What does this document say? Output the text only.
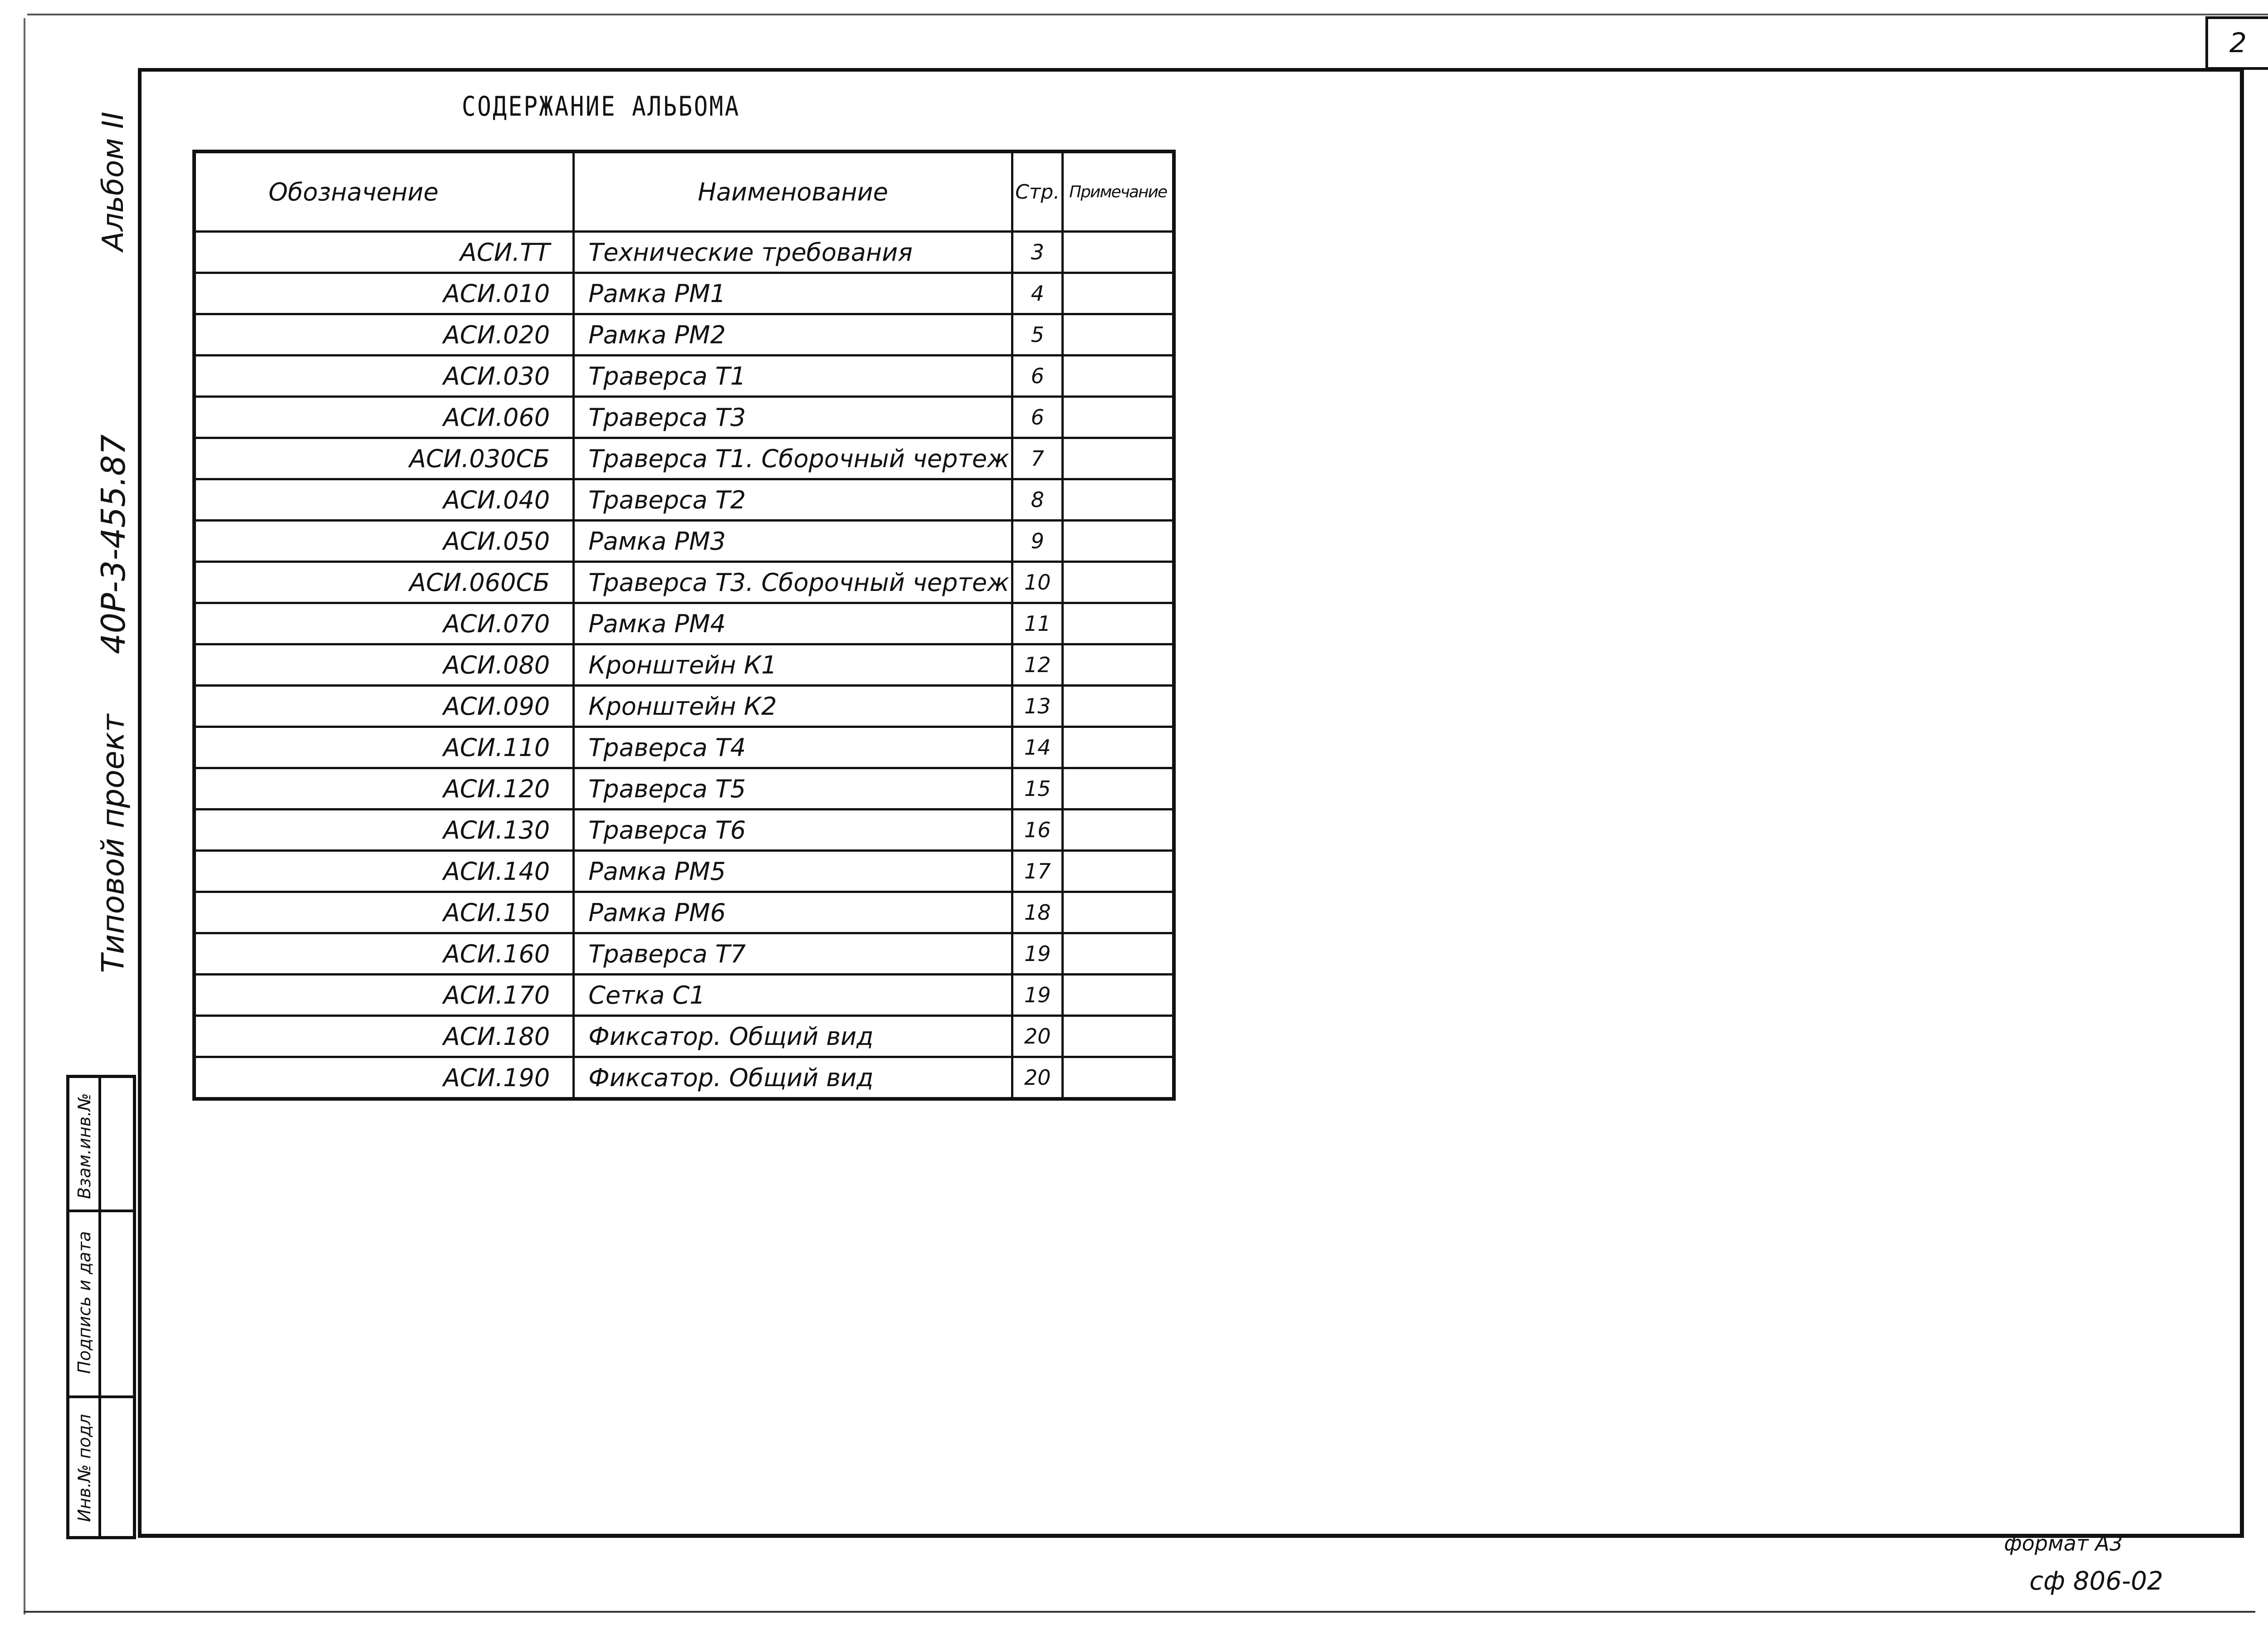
2
Альбом II
40Р-3-455.87
Типовой проект
Взам.инв.№
Подпись и дата
Инв.№ подл
СОДЕРЖАНИЕ АЛЬБОМА
Обозначение	Наименование	Стр.	Примечание
АСИ.ТТ	Технические требования	3	
АСИ.010	Рамка РМ1	4	
АСИ.020	Рамка РМ2	5	
АСИ.030	Траверса Т1	6	
АСИ.060	Траверса Т3	6	
АСИ.030СБ	Траверса Т1. Сборочный чертеж	7	
АСИ.040	Траверса Т2	8	
АСИ.050	Рамка РМ3	9	
АСИ.060СБ	Траверса Т3. Сборочный чертеж	10	
АСИ.070	Рамка РМ4	11	
АСИ.080	Кронштейн К1	12	
АСИ.090	Кронштейн К2	13	
АСИ.110	Траверса Т4	14	
АСИ.120	Траверса Т5	15	
АСИ.130	Траверса Т6	16	
АСИ.140	Рамка РМ5	17	
АСИ.150	Рамка РМ6	18	
АСИ.160	Траверса Т7	19	
АСИ.170	Сетка С1	19	
АСИ.180	Фиксатор. Общий вид	20	
АСИ.190	Фиксатор. Общий вид	20	
формат А3
сф 806-02
